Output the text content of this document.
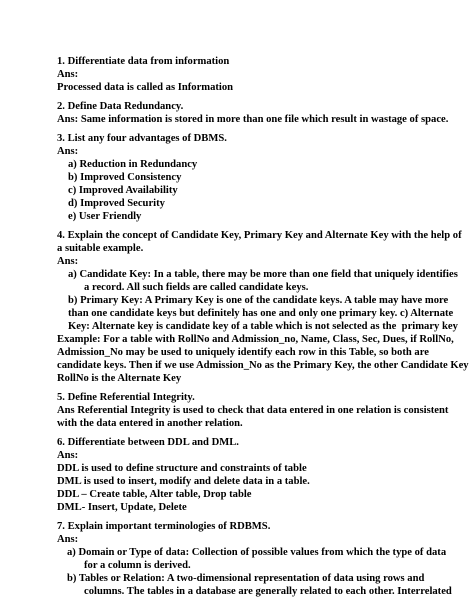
1. Differentiate data from information
Ans:
Processed data is called as Information
2. Define Data Redundancy.
Ans: Same information is stored in more than one file which result in wastage of space.
3. List any four advantages of DBMS.
Ans:
a) Reduction in Redundancy
b) Improved Consistency
c) Improved Availability
d) Improved Security
e) User Friendly
4. Explain the concept of Candidate Key, Primary Key and Alternate Key with the help of
a suitable example.
Ans:
a) Candidate Key: In a table, there may be more than one field that uniquely identifies
a record. All such fields are called candidate keys.
b) Primary Key: A Primary Key is one of the candidate keys. A table may have more
than one candidate keys but definitely has one and only one primary key. c) Alternate
Key: Alternate key is candidate key of a table which is not selected as the  primary key
Example: For a table with RollNo and Admission_no, Name, Class, Sec, Dues, if RollNo,
Admission_No may be used to uniquely identify each row in this Table, so both are
candidate keys. Then if we use Admission_No as the Primary Key, the other Candidate Key
RollNo is the Alternate Key
5. Define Referential Integrity.
Ans Referential Integrity is used to check that data entered in one relation is consistent
with the data entered in another relation.
6. Differentiate between DDL and DML.
Ans:
DDL is used to define structure and constraints of table
DML is used to insert, modify and delete data in a table.
DDL – Create table, Alter table, Drop table
DML- Insert, Update, Delete
7. Explain important terminologies of RDBMS.
Ans:
a) Domain or Type of data: Collection of possible values from which the type of data
for a column is derived.
b) Tables or Relation: A two-dimensional representation of data using rows and
columns. The tables in a database are generally related to each other. Interrelated
